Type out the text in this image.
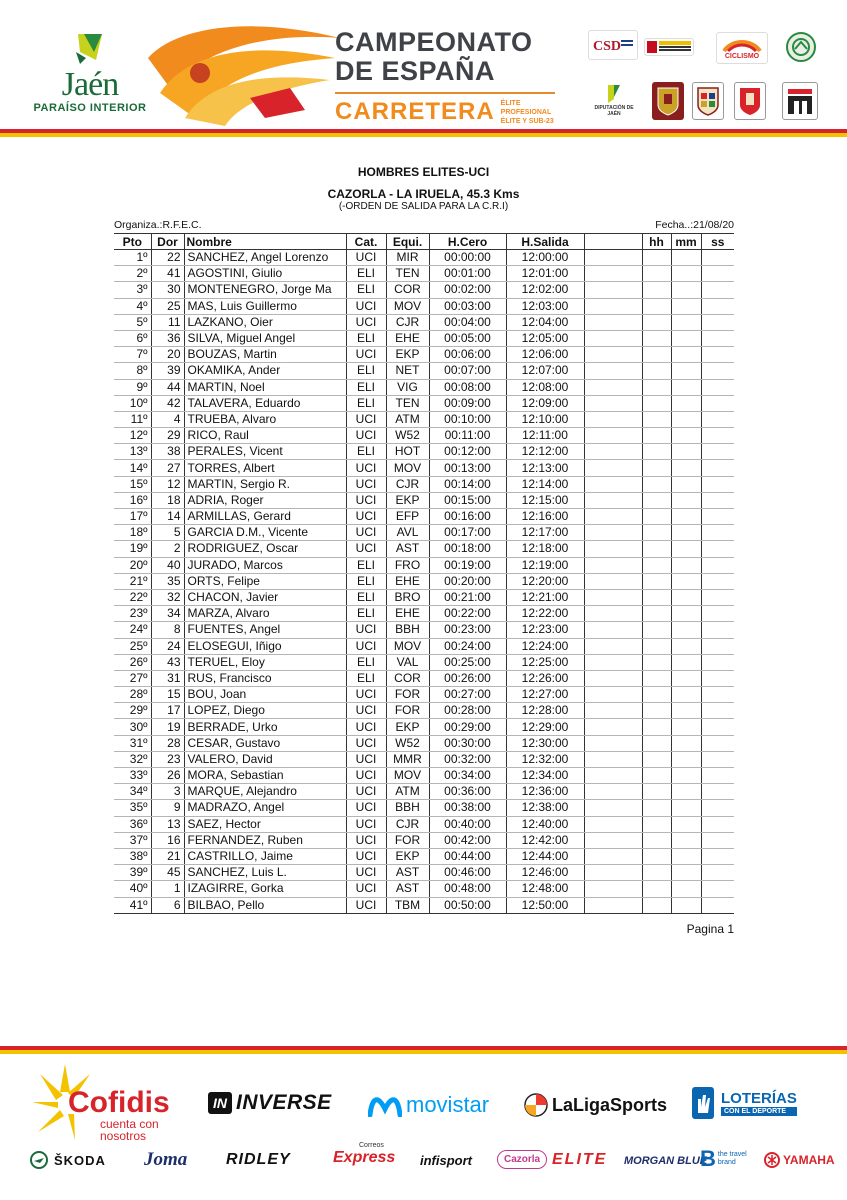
Jaén
PARAÍSO INTERIOR
CAMPEONATO
DE ESPAÑA
CARRETERA ÉLITE PROFESIONAL
ÉLITE Y SUB-23
CSD
CICLISMO
DIPUTACIÓN DE JAÉN
HOMBRES ELITES-UCI
CAZORLA - LA IRUELA, 45.3 Kms
(-ORDEN DE SALIDA PARA LA C.R.I)
Organiza.:R.F.E.C.	Fecha..:21/08/20
Pto	Dor	Nombre	Cat.	Equi.	H.Cero	H.Salida		hh	mm	ss
1º	22	SANCHEZ, Angel Lorenzo	UCI	MIR	00:00:00	12:00:00				
2º	41	AGOSTINI, Giulio	ELI	TEN	00:01:00	12:01:00				
3º	30	MONTENEGRO, Jorge Ma	ELI	COR	00:02:00	12:02:00				
4º	25	MAS, Luis Guillermo	UCI	MOV	00:03:00	12:03:00				
5º	11	LAZKANO, Oier	UCI	CJR	00:04:00	12:04:00				
6º	36	SILVA, Miguel Angel	ELI	EHE	00:05:00	12:05:00				
7º	20	BOUZAS, Martin	UCI	EKP	00:06:00	12:06:00				
8º	39	OKAMIKA, Ander	ELI	NET	00:07:00	12:07:00				
9º	44	MARTIN, Noel	ELI	VIG	00:08:00	12:08:00				
10º	42	TALAVERA, Eduardo	ELI	TEN	00:09:00	12:09:00				
11º	4	TRUEBA, Alvaro	UCI	ATM	00:10:00	12:10:00				
12º	29	RICO, Raul	UCI	W52	00:11:00	12:11:00				
13º	38	PERALES, Vicent	ELI	HOT	00:12:00	12:12:00				
14º	27	TORRES, Albert	UCI	MOV	00:13:00	12:13:00				
15º	12	MARTIN, Sergio R.	UCI	CJR	00:14:00	12:14:00				
16º	18	ADRIA, Roger	UCI	EKP	00:15:00	12:15:00				
17º	14	ARMILLAS, Gerard	UCI	EFP	00:16:00	12:16:00				
18º	5	GARCIA D.M., Vicente	UCI	AVL	00:17:00	12:17:00				
19º	2	RODRIGUEZ, Oscar	UCI	AST	00:18:00	12:18:00				
20º	40	JURADO, Marcos	ELI	FRO	00:19:00	12:19:00				
21º	35	ORTS, Felipe	ELI	EHE	00:20:00	12:20:00				
22º	32	CHACON, Javier	ELI	BRO	00:21:00	12:21:00				
23º	34	MARZA, Alvaro	ELI	EHE	00:22:00	12:22:00				
24º	8	FUENTES, Angel	UCI	BBH	00:23:00	12:23:00				
25º	24	ELOSEGUI, Iñigo	UCI	MOV	00:24:00	12:24:00				
26º	43	TERUEL, Eloy	ELI	VAL	00:25:00	12:25:00				
27º	31	RUS, Francisco	ELI	COR	00:26:00	12:26:00				
28º	15	BOU, Joan	UCI	FOR	00:27:00	12:27:00				
29º	17	LOPEZ, Diego	UCI	FOR	00:28:00	12:28:00				
30º	19	BERRADE, Urko	UCI	EKP	00:29:00	12:29:00				
31º	28	CESAR, Gustavo	UCI	W52	00:30:00	12:30:00				
32º	23	VALERO, David	UCI	MMR	00:32:00	12:32:00				
33º	26	MORA, Sebastian	UCI	MOV	00:34:00	12:34:00				
34º	3	MARQUE, Alejandro	UCI	ATM	00:36:00	12:36:00				
35º	9	MADRAZO, Angel	UCI	BBH	00:38:00	12:38:00				
36º	13	SAEZ, Hector	UCI	CJR	00:40:00	12:40:00				
37º	16	FERNANDEZ, Ruben	UCI	FOR	00:42:00	12:42:00				
38º	21	CASTRILLO, Jaime	UCI	EKP	00:44:00	12:44:00				
39º	45	SANCHEZ, Luis L.	UCI	AST	00:46:00	12:46:00				
40º	1	IZAGIRRE, Gorka	UCI	AST	00:48:00	12:48:00				
41º	6	BILBAO, Pello	UCI	TBM	00:50:00	12:50:00				
Pagina 1
Cofidis
cuenta con
nosotros
IN INVERSE	movistar	LaLigaSports	LOTERÍAS
CON EL DEPORTE
ŠKODA Joma RIDLEY
Correos
Express infisport	Cazorla ELITE MORGAN BLUE
B the travel brand	YAMAHA
